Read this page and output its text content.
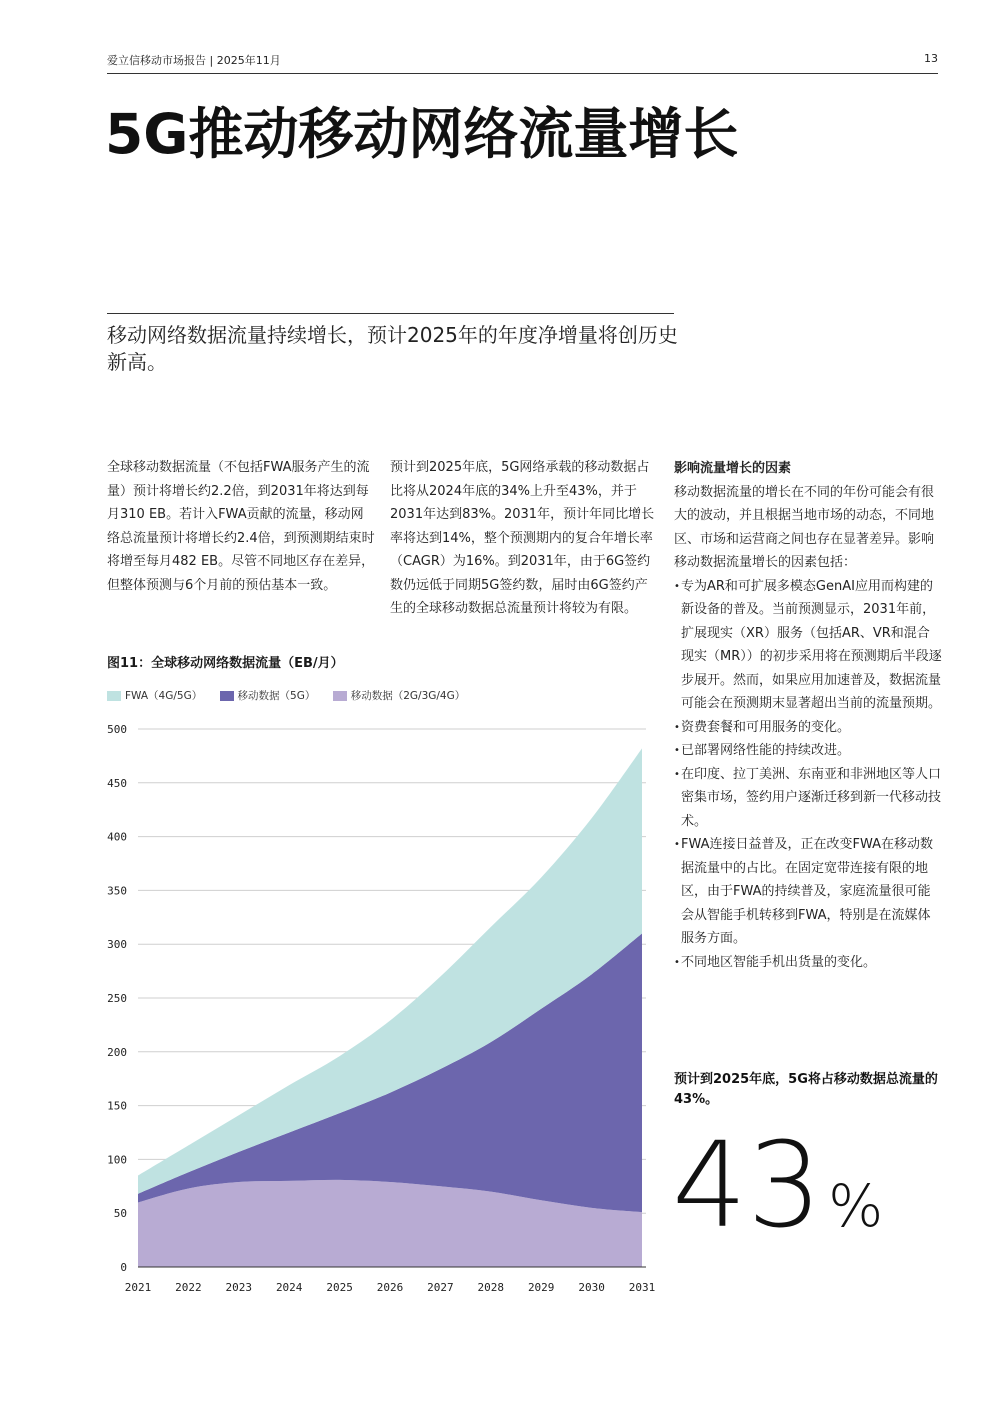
爱立信移动市场报告 | 2025年11月	13
5G推动移动网络流量增长

移动网络数据流量持续增长，预计2025年的年度净增量将创历史新高。

全球移动数据流量（不包括FWA服务产生的流量）预计将增长约2.2倍，到2031年将达到每月310 EB。若计入FWA贡献的流量，移动网络总流量预计将增长约2.4倍，到预测期结束时将增至每月482 EB。尽管不同地区存在差异，但整体预测与6个月前的预估基本一致。

预计到2025年底，5G网络承载的移动数据占比将从2024年底的34%上升至43%，并于2031年达到83%。2031年，预计年同比增长率将达到14%，整个预测期内的复合年增长率（CAGR）为16%。到2031年，由于6G签约数仍远低于同期5G签约数，届时由6G签约产生的全球移动数据总流量预计将较为有限。

影响流量增长的因素

移动数据流量的增长在不同的年份可能会有很大的波动，并且根据当地市场的动态，不同地区、市场和运营商之间也存在显著差异。影响移动数据流量增长的因素包括：

• 专为AR和可扩展多模态GenAI应用而构建的新设备的普及。当前预测显示，2031年前，扩展现实（XR）服务（包括AR、VR和混合现实（MR））的初步采用将在预测期后半段逐步展开。然而，如果应用加速普及，数据流量可能会在预测期末显著超出当前的流量预期。
• 资费套餐和可用服务的变化。
• 已部署网络性能的持续改进。
• 在印度、拉丁美洲、东南亚和非洲地区等人口密集市场，签约用户逐渐迁移到新一代移动技术。
• FWA连接日益普及，正在改变FWA在移动数据流量中的占比。在固定宽带连接有限的地区，由于FWA的持续普及，家庭流量很可能会从智能手机转移到FWA，特别是在流媒体服务方面。
• 不同地区智能手机出货量的变化。

图11：全球移动网络数据流量（EB/月）

FWA（4G/5G）
	移动数据（5G）
	移动数据（2G/3G/4G）
0
50
100
150
200
250
300
350
400
450
500
2021 2022 2023 2024 2025 2026 2027 2028 2029 2030 2031

预计到2025年底，5G将占移动数据总流量的43%。

43 %
